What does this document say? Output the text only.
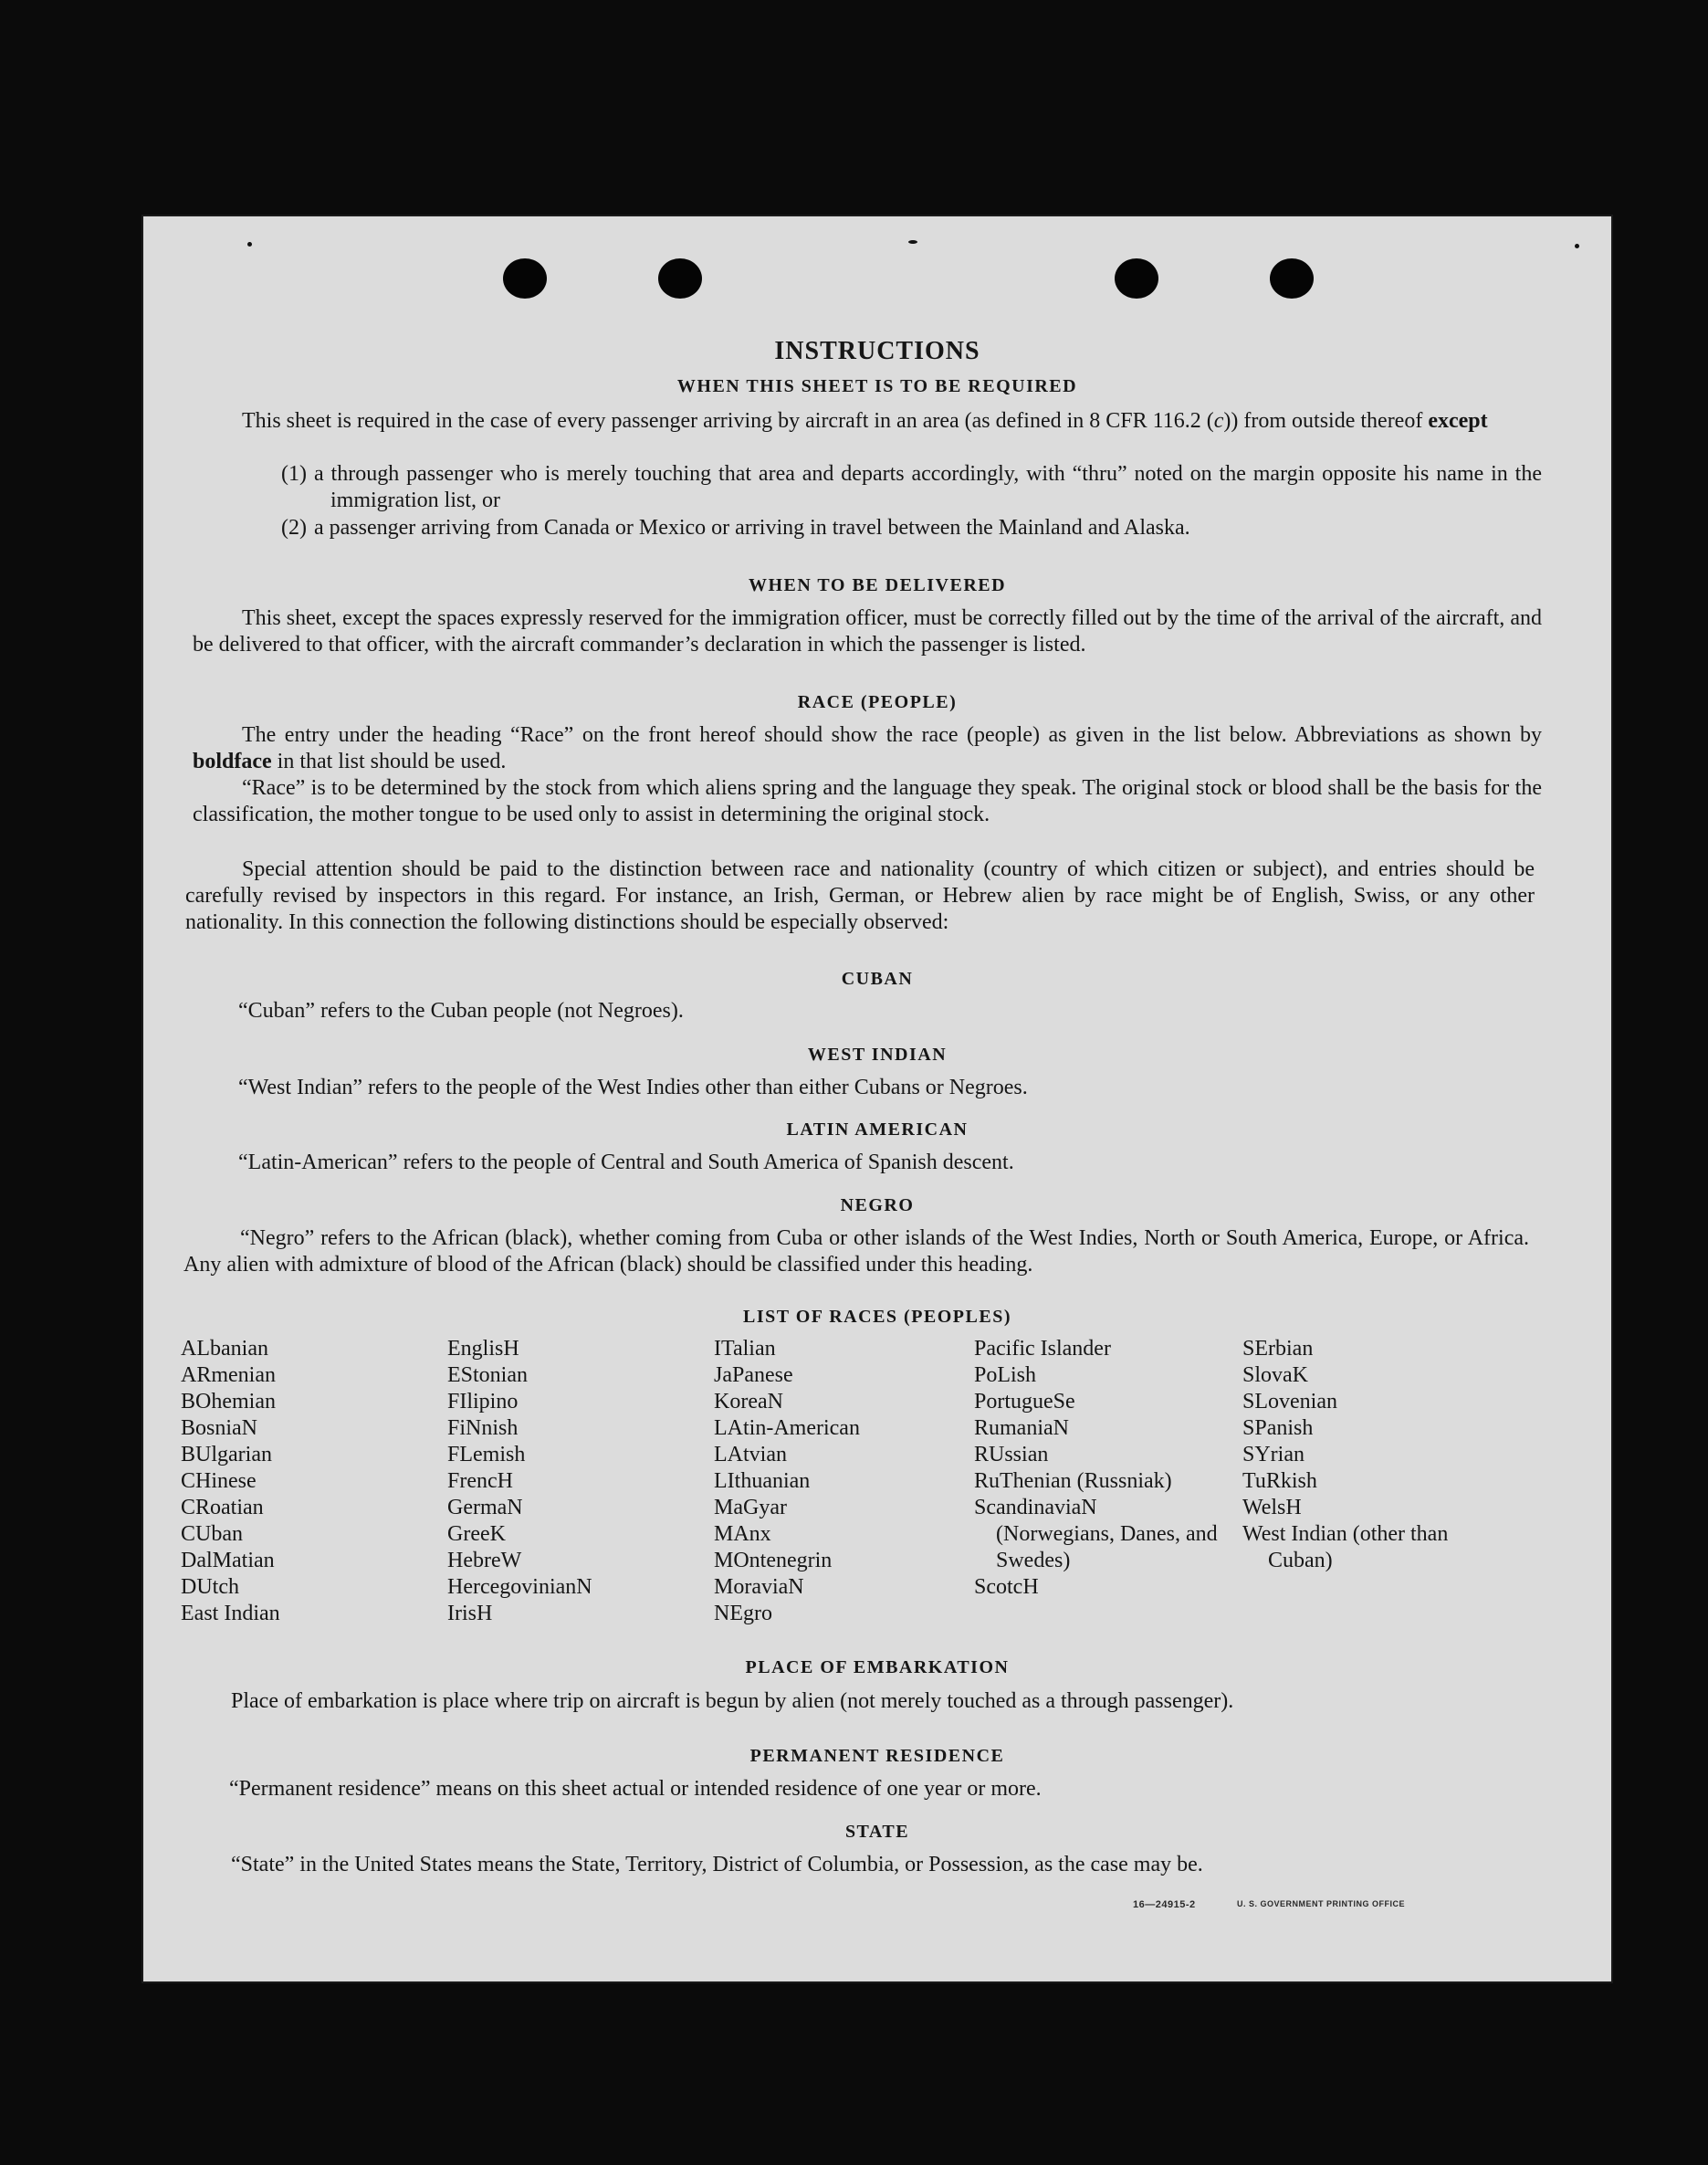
INSTRUCTIONS
WHEN THIS SHEET IS TO BE REQUIRED
This sheet is required in the case of every passenger arriving by aircraft in an area (as defined in 8 CFR 116.2 (c)) from outside thereof except
(1) a through passenger who is merely touching that area and departs accordingly, with “thru” noted on the margin opposite his name in the immigration list, or
(2) a passenger arriving from Canada or Mexico or arriving in travel between the Mainland and Alaska.
WHEN TO BE DELIVERED
This sheet, except the spaces expressly reserved for the immigration officer, must be correctly filled out by the time of the arrival of the aircraft, and be delivered to that officer, with the aircraft commander’s declaration in which the passenger is listed.
RACE (PEOPLE)
The entry under the heading “Race” on the front hereof should show the race (people) as given in the list below. Abbreviations as shown by boldface in that list should be used.
“Race” is to be determined by the stock from which aliens spring and the language they speak. The original stock or blood shall be the basis for the classification, the mother tongue to be used only to assist in determining the original stock.
Special attention should be paid to the distinction between race and nationality (country of which citizen or subject), and entries should be carefully revised by inspectors in this regard. For instance, an Irish, German, or Hebrew alien by race might be of English, Swiss, or any other nationality. In this connection the following distinctions should be especially observed:
CUBAN
“Cuban” refers to the Cuban people (not Negroes).
WEST INDIAN
“West Indian” refers to the people of the West Indies other than either Cubans or Negroes.
LATIN AMERICAN
“Latin-American” refers to the people of Central and South America of Spanish descent.
NEGRO
“Negro” refers to the African (black), whether coming from Cuba or other islands of the West Indies, North or South America, Europe, or Africa. Any alien with admixture of blood of the African (black) should be classified under this heading.
LIST OF RACES (PEOPLES)
ALbanian
ARmenian
BOhemian
BosniaN
BUlgarian
CHinese
CRoatian
CUban
DalMatian
DUtch
East Indian
EnglisH
EStonian
FIlipino
FiNnish
FLemish
FrencH
GermaN
GreeK
HebreW
HercegovinianN
IrisH
ITalian
JaPanese
KoreaN
LAtin-American
LAtvian
LIthuanian
MaGyar
MAnx
MOntenegrin
MoraviaN
NEgro
Pacific Islander
PoLish
PortugueSe
RumaniaN
RUssian
RuThenian (Russniak)
ScandinaviaN (Norwegians, Danes, and Swedes)
ScotcH
SErbian
SlovaK
SLovenian
SPanish
SYrian
TuRkish
WelsH
West Indian (other than Cuban)
PLACE OF EMBARKATION
Place of embarkation is place where trip on aircraft is begun by alien (not merely touched as a through passenger).
PERMANENT RESIDENCE
“Permanent residence” means on this sheet actual or intended residence of one year or more.
STATE
“State” in the United States means the State, Territory, District of Columbia, or Possession, as the case may be.
16—24915-2	U. S. GOVERNMENT PRINTING OFFICE
